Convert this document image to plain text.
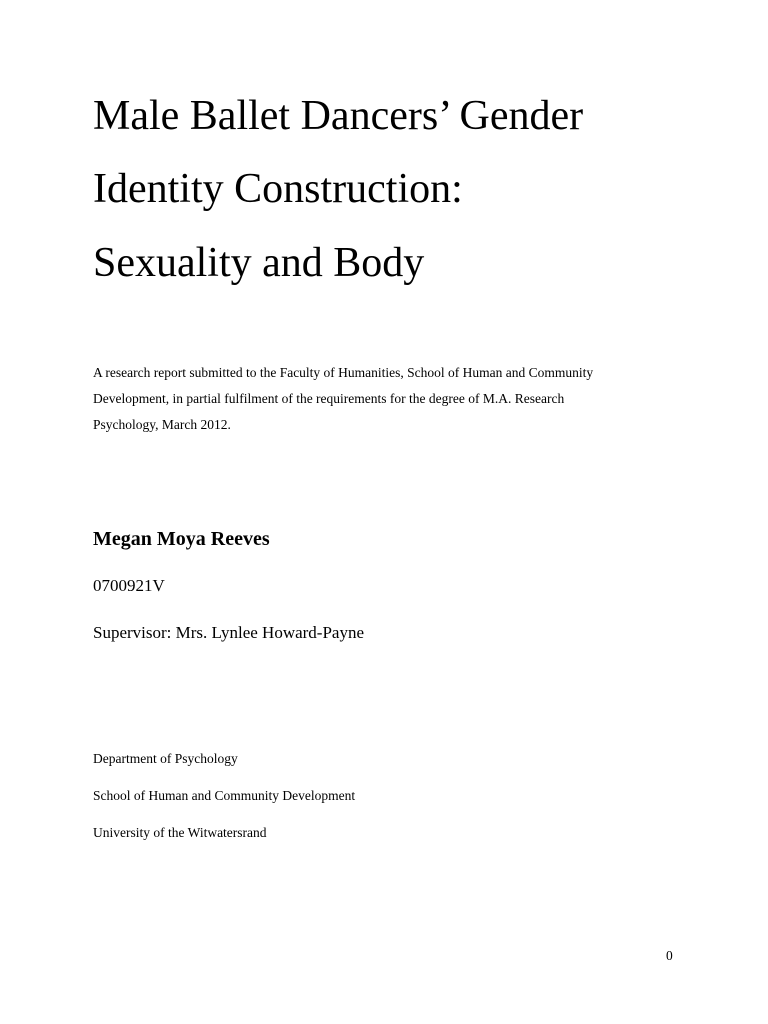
Male Ballet Dancers’ Gender
Identity Construction:
Sexuality and Body
A research report submitted to the Faculty of Humanities, School of Human and Community
Development, in partial fulfilment of the requirements for the degree of M.A. Research
Psychology, March 2012.
Megan Moya Reeves
0700921V
Supervisor: Mrs. Lynlee Howard-Payne
Department of Psychology
School of Human and Community Development
University of the Witwatersrand
0
